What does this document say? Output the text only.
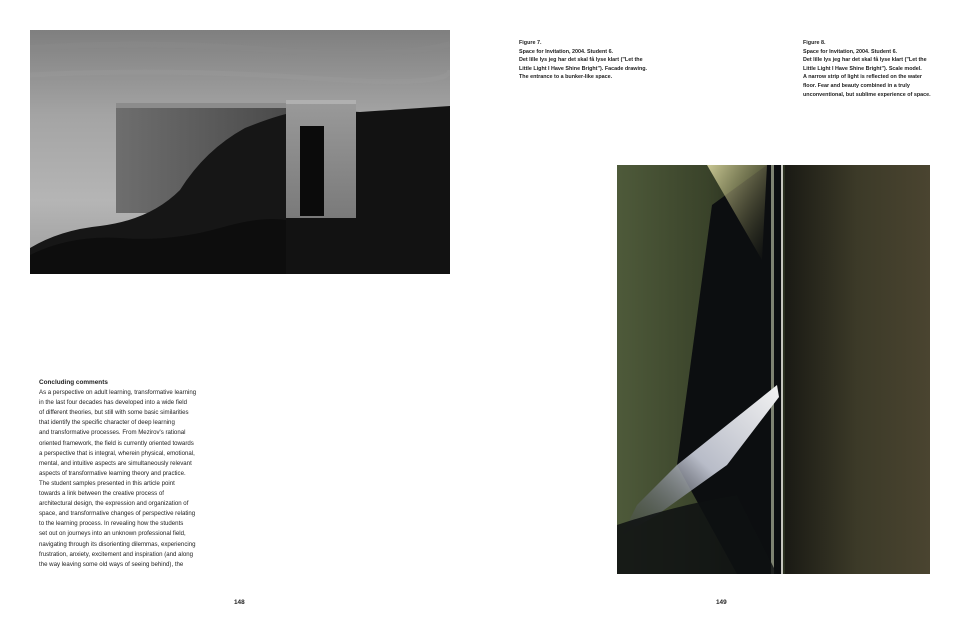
Figure 7.
Space for Invitation, 2004. Student 6.
Det lille lys jeg har det skal få lyse klart ("Let the
Little Light I Have Shine Bright"). Facade drawing.
The entrance to a bunker-like space.
Figure 8.
Space for Invitation, 2004. Student 6.
Det lille lys jeg har det skal få lyse klart ("Let the
Little Light I Have Shine Bright"). Scale model.
A narrow strip of light is reflected on the water
floor. Fear and beauty combined in a truly
unconventional, but sublime experience of space.
Concluding comments
As a perspective on adult learning, transformative learning
in the last four decades has developed into a wide field
of different theories, but still with some basic similarities
that identify the specific character of deep learning
and transformative processes. From Mezirov's rational
oriented framework, the field is currently oriented towards
a perspective that is integral, wherein physical, emotional,
mental, and intuitive aspects are simultaneously relevant
aspects of transformative learning theory and practice.
The student samples presented in this article point
towards a link between the creative process of
architectural design, the expression and organization of
space, and transformative changes of perspective relating
to the learning process. In revealing how the students
set out on journeys into an unknown professional field,
navigating through its disorienting dilemmas, experiencing
frustration, anxiety, excitement and inspiration (and along
the way leaving some old ways of seeing behind), the
148	149
